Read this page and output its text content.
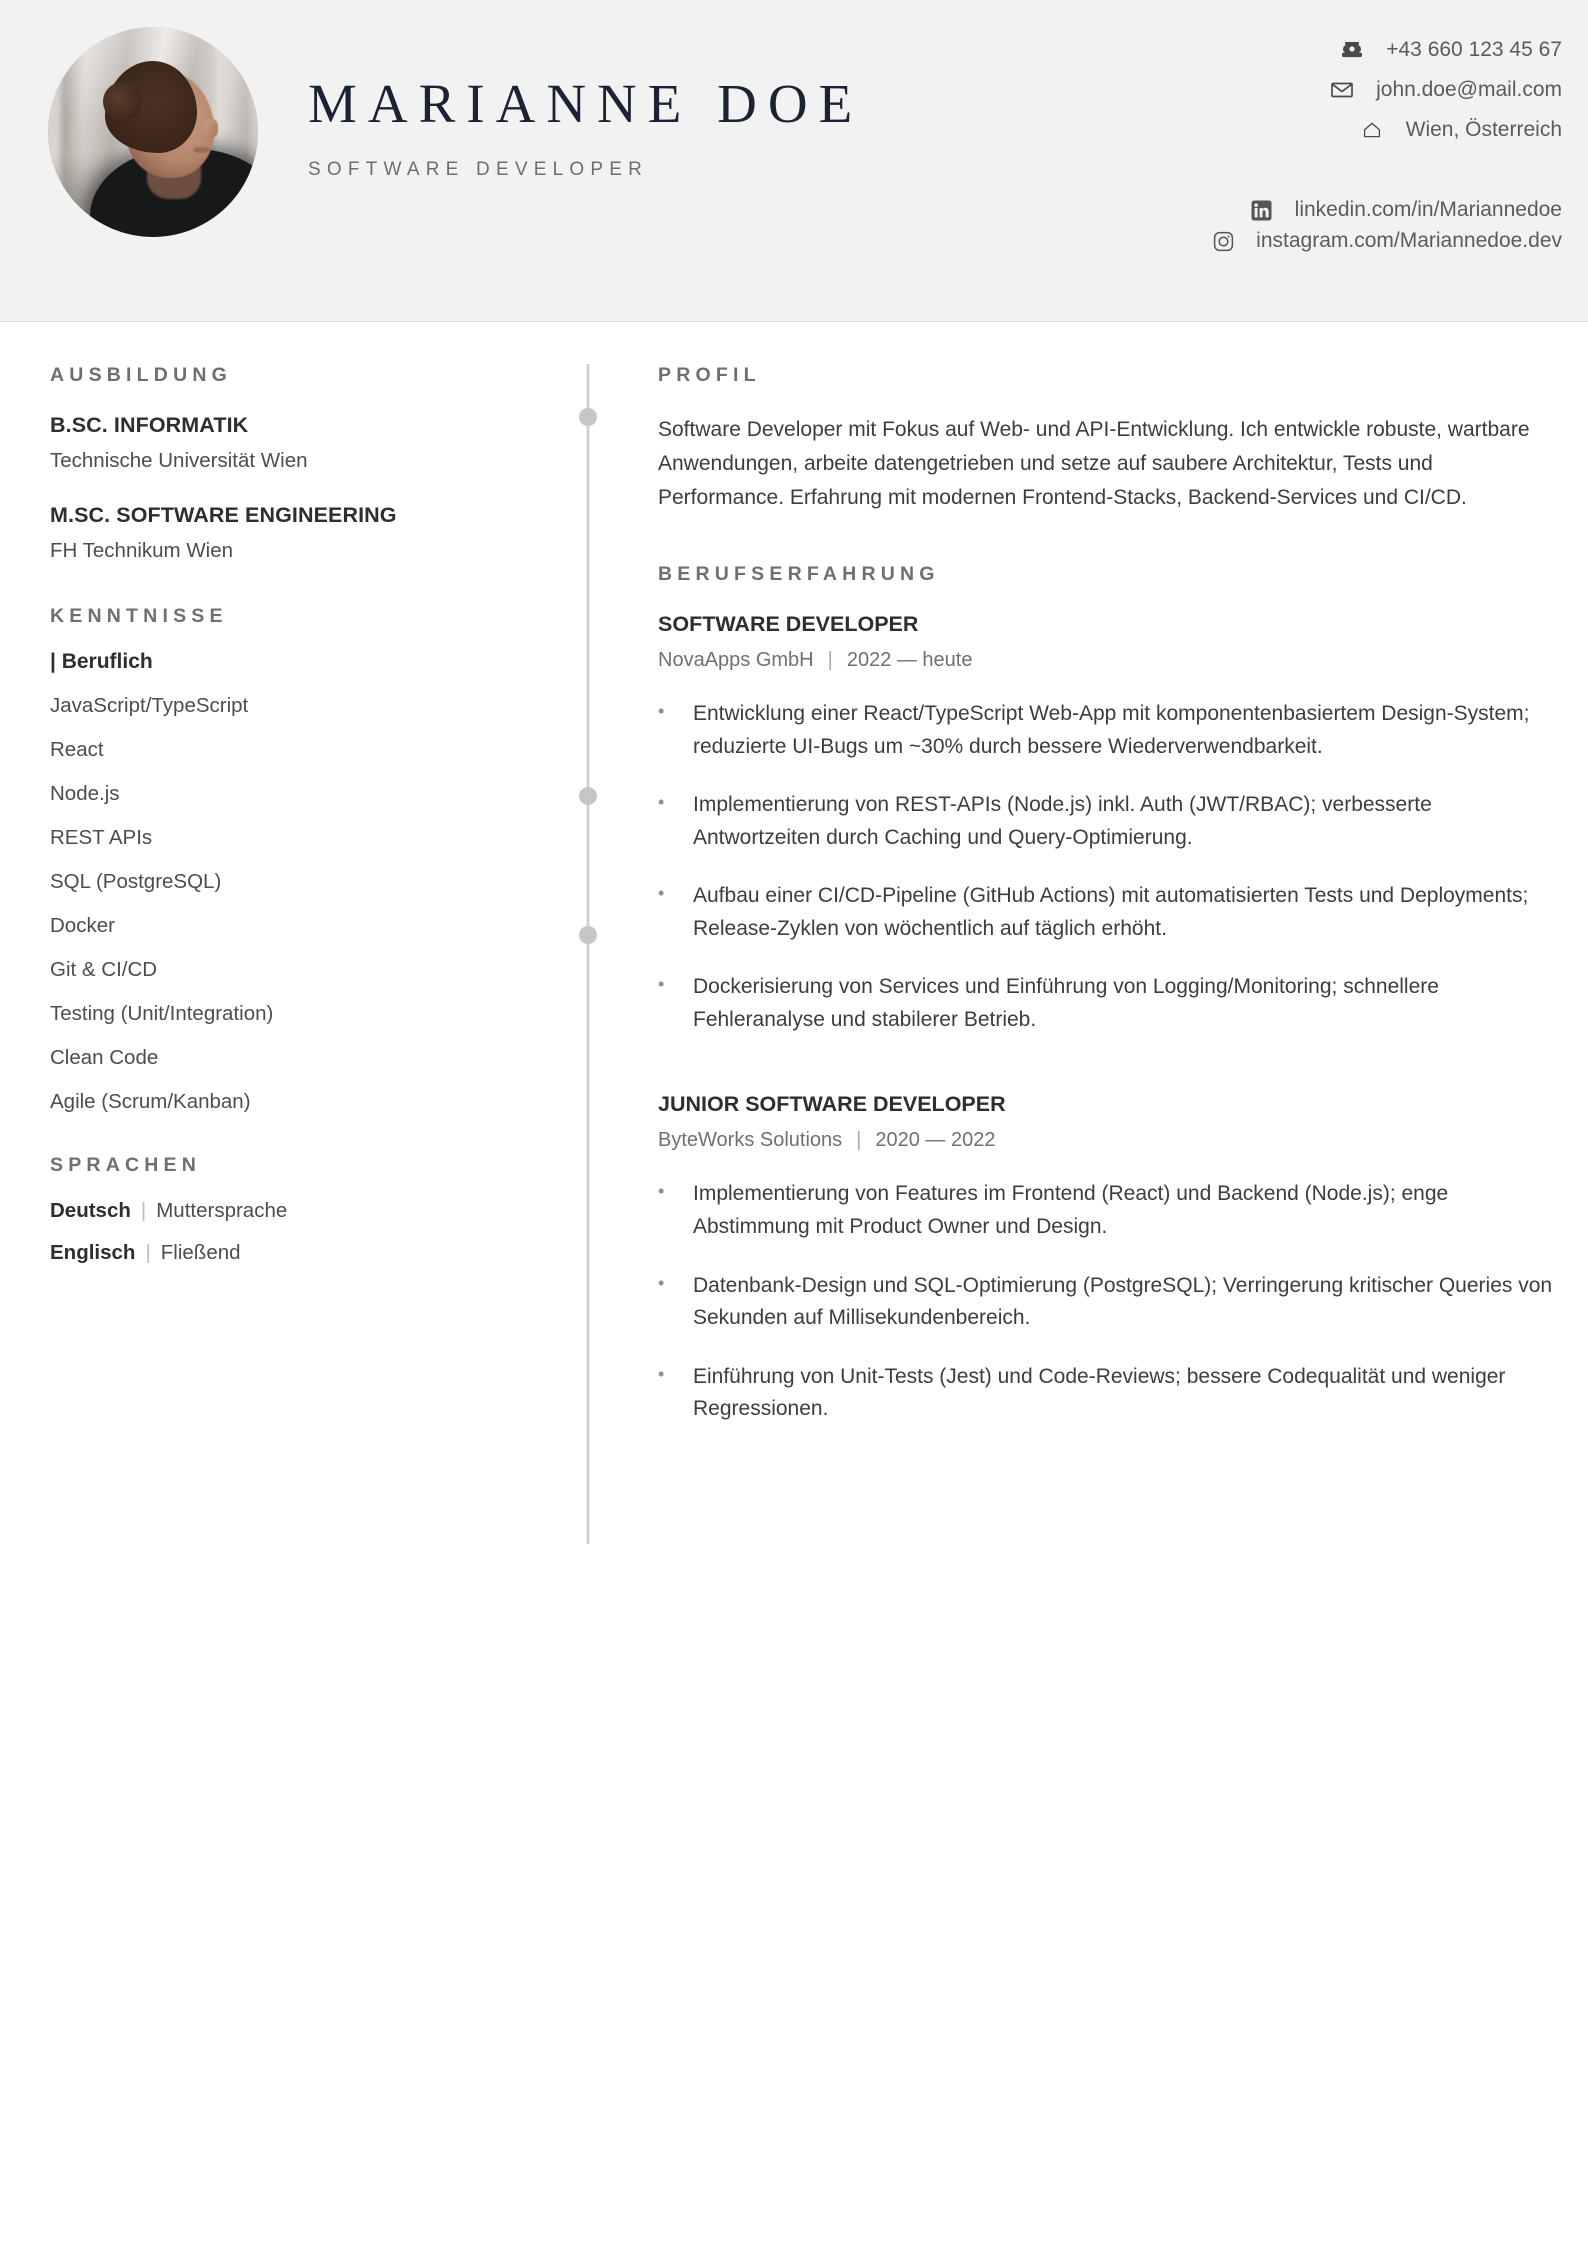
MARIANNE DOE
SOFTWARE DEVELOPER
+43 660 123 45 67
john.doe@mail.com
Wien, Österreich
linkedin.com/in/Mariannedoe
instagram.com/Mariannedoe.dev
AUSBILDUNG
B.SC. INFORMATIK
Technische Universität Wien
M.SC. SOFTWARE ENGINEERING
FH Technikum Wien
KENNTNISSE
| Beruflich
JavaScript/TypeScript
React
Node.js
REST APIs
SQL (PostgreSQL)
Docker
Git & CI/CD
Testing (Unit/Integration)
Clean Code
Agile (Scrum/Kanban)
SPRACHEN
Deutsch | Muttersprache
Englisch | Fließend
PROFIL
Software Developer mit Fokus auf Web- und API-Entwicklung. Ich entwickle robuste, wartbare Anwendungen, arbeite datengetrieben und setze auf saubere Architektur, Tests und Performance. Erfahrung mit modernen Frontend-Stacks, Backend-Services und CI/CD.
BERUFSERFAHRUNG
SOFTWARE DEVELOPER
NovaApps GmbH | 2022 — heute
• Entwicklung einer React/TypeScript Web-App mit komponentenbasiertem Design-System; reduzierte UI-Bugs um ~30% durch bessere Wiederverwendbarkeit.
• Implementierung von REST-APIs (Node.js) inkl. Auth (JWT/RBAC); verbesserte Antwortzeiten durch Caching und Query-Optimierung.
• Aufbau einer CI/CD-Pipeline (GitHub Actions) mit automatisierten Tests und Deployments; Release-Zyklen von wöchentlich auf täglich erhöht.
• Dockerisierung von Services und Einführung von Logging/Monitoring; schnellere Fehleranalyse und stabilerer Betrieb.
JUNIOR SOFTWARE DEVELOPER
ByteWorks Solutions | 2020 — 2022
• Implementierung von Features im Frontend (React) und Backend (Node.js); enge Abstimmung mit Product Owner und Design.
• Datenbank-Design und SQL-Optimierung (PostgreSQL); Verringerung kritischer Queries von Sekunden auf Millisekundenbereich.
• Einführung von Unit-Tests (Jest) und Code-Reviews; bessere Codequalität und weniger Regressionen.
